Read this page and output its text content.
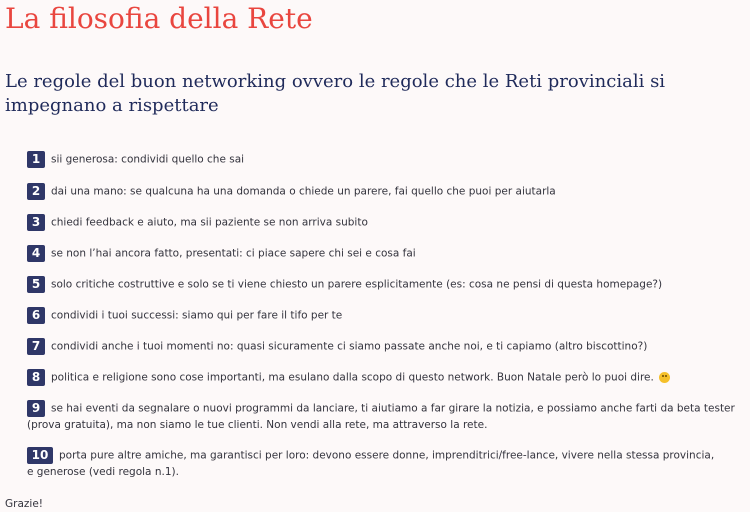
La filosofia della Rete
Le regole del buon networking ovvero le regole che le Reti provinciali si impegnano a rispettare
1 sii generosa: condividi quello che sai
2 dai una mano: se qualcuna ha una domanda o chiede un parere, fai quello che puoi per aiutarla
3 chiedi feedback e aiuto, ma sii paziente se non arriva subito
4 se non l’hai ancora fatto, presentati: ci piace sapere chi sei e cosa fai
5 solo critiche costruttive e solo se ti viene chiesto un parere esplicitamente (es: cosa ne pensi di questa homepage?)
6 condividi i tuoi successi: siamo qui per fare il tifo per te
7 condividi anche i tuoi momenti no: quasi sicuramente ci siamo passate anche noi, e ti capiamo (altro biscottino?)
8 politica e religione sono cose importanti, ma esulano dalla scopo di questo network. Buon Natale però lo puoi dire.
9 se hai eventi da segnalare o nuovi programmi da lanciare, ti aiutiamo a far girare la notizia, e possiamo anche farti da beta tester
(prova gratuita), ma non siamo le tue clienti. Non vendi alla rete, ma attraverso la rete.
10 porta pure altre amiche, ma garantisci per loro: devono essere donne, imprenditrici/free-lance, vivere nella stessa provincia,
e generose (vedi regola n.1).

Grazie!
